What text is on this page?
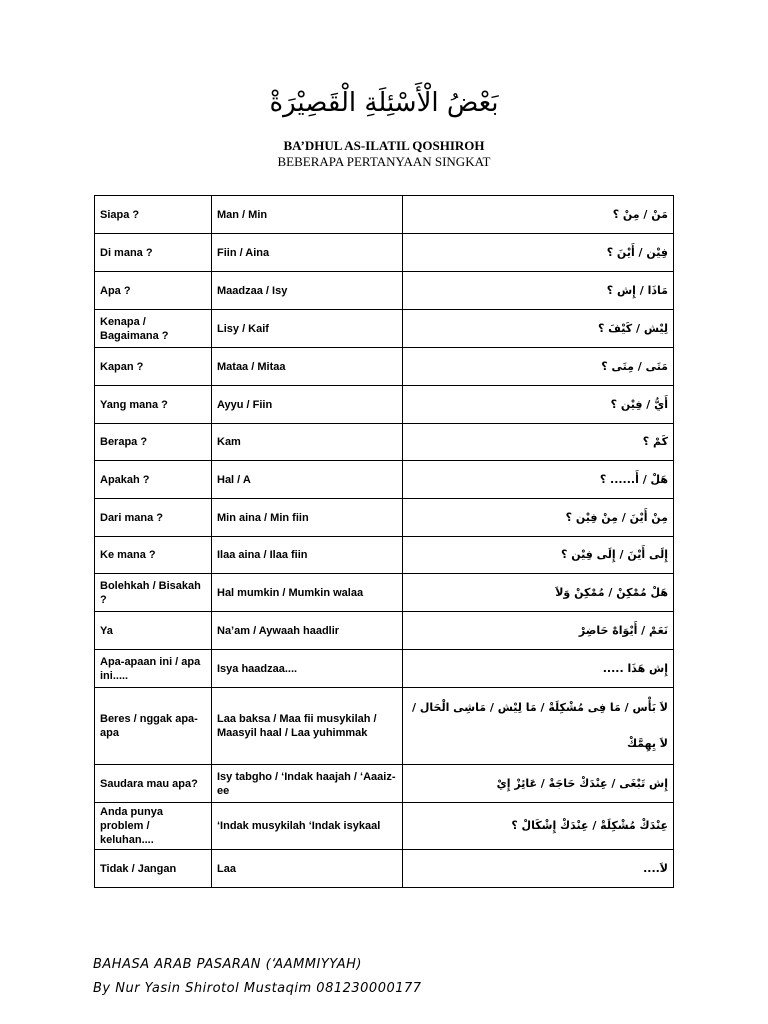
بَعْضُ الْأَسْئِلَةِ الْقَصِيْرَةْ
BA’DHUL AS-ILATIL QOSHIROH
BEBERAPA PERTANYAAN SINGKAT
Siapa ?	Man / Min	مَنْ / مِنْ ؟
Di mana ?	Fiin / Aina	فِيْن / أَيْنَ ؟
Apa ?	Maadzaa / Isy	مَاذَا / إِش ؟
Kenapa / Bagaimana ?	Lisy / Kaif	لِيْش / كَيْفَ ؟
Kapan ?	Mataa / Mitaa	مَتَى / مِتَى ؟
Yang mana ?	Ayyu / Fiin	أَيُّ / فِيْن ؟
Berapa ?	Kam	كَمْ ؟
Apakah ?	Hal / A	هَلْ / أَ...... ؟
Dari mana ?	Min aina / Min fiin	مِنْ أَيْنَ / مِنْ فِيْن ؟
Ke mana ?	Ilaa aina / Ilaa fiin	إِلَى أَيْنَ / إِلَى فِيْن ؟
Bolehkah / Bisakah ?	Hal mumkin / Mumkin walaa	هَلْ مُمْكِنْ / مُمْكِنْ وَلاَ
Ya	Na’am / Aywaah haadlir	نَعَمْ / أَيْوَاهْ حَاضِرْ
Apa-apaan ini / apa ini.....	Isya haadzaa....	إِش هَذَا .....
Beres / nggak apa-apa	Laa baksa / Maa fii musykilah / Maasyil haal / Laa yuhimmak	لاَ بَأْس / مَا فِى مُشْكِلَةْ / مَا لِيْش / مَاشِى الْحَال / لاَ يِهِمَّكْ
Saudara mau apa?	Isy tabgho / ‘Indak haajah / ‘Aaaiz-ee	إِش تَبْغَى / عِنْدَكْ حَاجَةْ / عَائِزْ إِيْ
Anda punya problem / keluhan....	‘Indak musykilah ‘Indak isykaal	عِنْدَكْ مُشْكِلَةْ / عِنْدَكْ إِشْكَالْ ؟
Tidak / Jangan	Laa	لاَ....
BAHASA ARAB PASARAN (‘AAMMIYYAH)
By Nur Yasin Shirotol Mustaqim 081230000177
